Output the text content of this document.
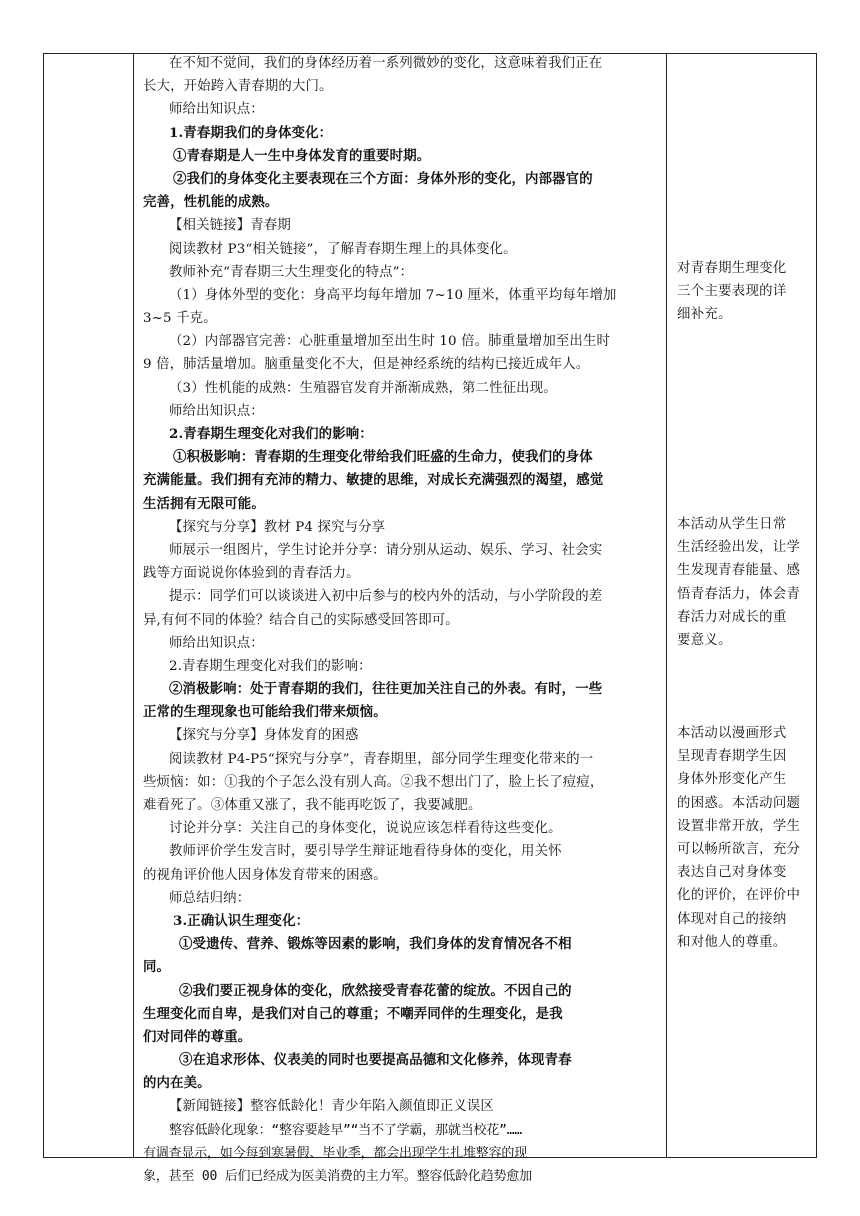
在不知不觉间，我们的身体经历着一系列微妙的变化，这意味着我们正在
长大，开始跨入青春期的大门。
师给出知识点：
1.青春期我们的身体变化：
①青春期是人一生中身体发育的重要时期。
②我们的身体变化主要表现在三个方面：身体外形的变化，内部器官的
完善，性机能的成熟。
【相关链接】青春期
阅读教材 P3“相关链接”，了解青春期生理上的具体变化。
教师补充“青春期三大生理变化的特点”：
（1）身体外型的变化：身高平均每年增加 7~10 厘米，体重平均每年增加
3~5 千克。
（2）内部器官完善：心脏重量增加至出生时 10 倍。肺重量增加至出生时
9 倍，肺活量增加。脑重量变化不大，但是神经系统的结构已接近成年人。
（3）性机能的成熟：生殖器官发育并渐渐成熟，第二性征出现。
师给出知识点：
2.青春期生理变化对我们的影响：
①积极影响：青春期的生理变化带给我们旺盛的生命力，使我们的身体
充满能量。我们拥有充沛的精力、敏捷的思维，对成长充满强烈的渴望，感觉
生活拥有无限可能。
【探究与分享】教材 P4 探究与分享
师展示一组图片，学生讨论并分享：请分别从运动、娱乐、学习、社会实
践等方面说说你体验到的青春活力。
提示：同学们可以谈谈进入初中后参与的校内外的活动，与小学阶段的差
异,有何不同的体验？结合自己的实际感受回答即可。
师给出知识点：
2.青春期生理变化对我们的影响：
②消极影响：处于青春期的我们，往往更加关注自己的外表。有时，一些
正常的生理现象也可能给我们带来烦恼。
【探究与分享】身体发育的困惑
阅读教材 P4-P5“探究与分享”，青春期里，部分同学生理变化带来的一
些烦恼：如：①我的个子怎么没有别人高。②我不想出门了，脸上长了痘痘，
难看死了。③体重又涨了，我不能再吃饭了，我要减肥。
讨论并分享：关注自己的身体变化，说说应该怎样看待这些变化。
教师评价学生发言时，要引导学生辩证地看待身体的变化，用关怀
的视角评价他人因身体发育带来的困惑。
师总结归纳：
3.正确认识生理变化：
①受遗传、营养、锻炼等因素的影响，我们身体的发育情况各不相
同。
②我们要正视身体的变化，欣然接受青春花蕾的绽放。不因自己的
生理变化而自卑，是我们对自己的尊重；不嘲弄同伴的生理变化，是我
们对同伴的尊重。
③在追求形体、仪表美的同时也要提高品德和文化修养，体现青春
的内在美。
【新闻链接】整容低龄化！青少年陷入颜值即正义误区
整容低龄化现象：“整容要趁早”“当不了学霸，那就当校花”……
有调查显示，如今每到寒暑假、毕业季，都会出现学生扎堆整容的现
象，甚至 00 后们已经成为医美消费的主力军。整容低龄化趋势愈加
对青春期生理变化
三个主要表现的详
细补充。
本活动从学生日常
生活经验出发，让学
生发现青春能量、感
悟青春活力，体会青
春活力对成长的重
要意义。
本活动以漫画形式
呈现青春期学生因
身体外形变化产生
的困惑。本活动问题
设置非常开放，学生
可以畅所欲言，充分
表达自己对身体变
化的评价，在评价中
体现对自己的接纳
和对他人的尊重。
